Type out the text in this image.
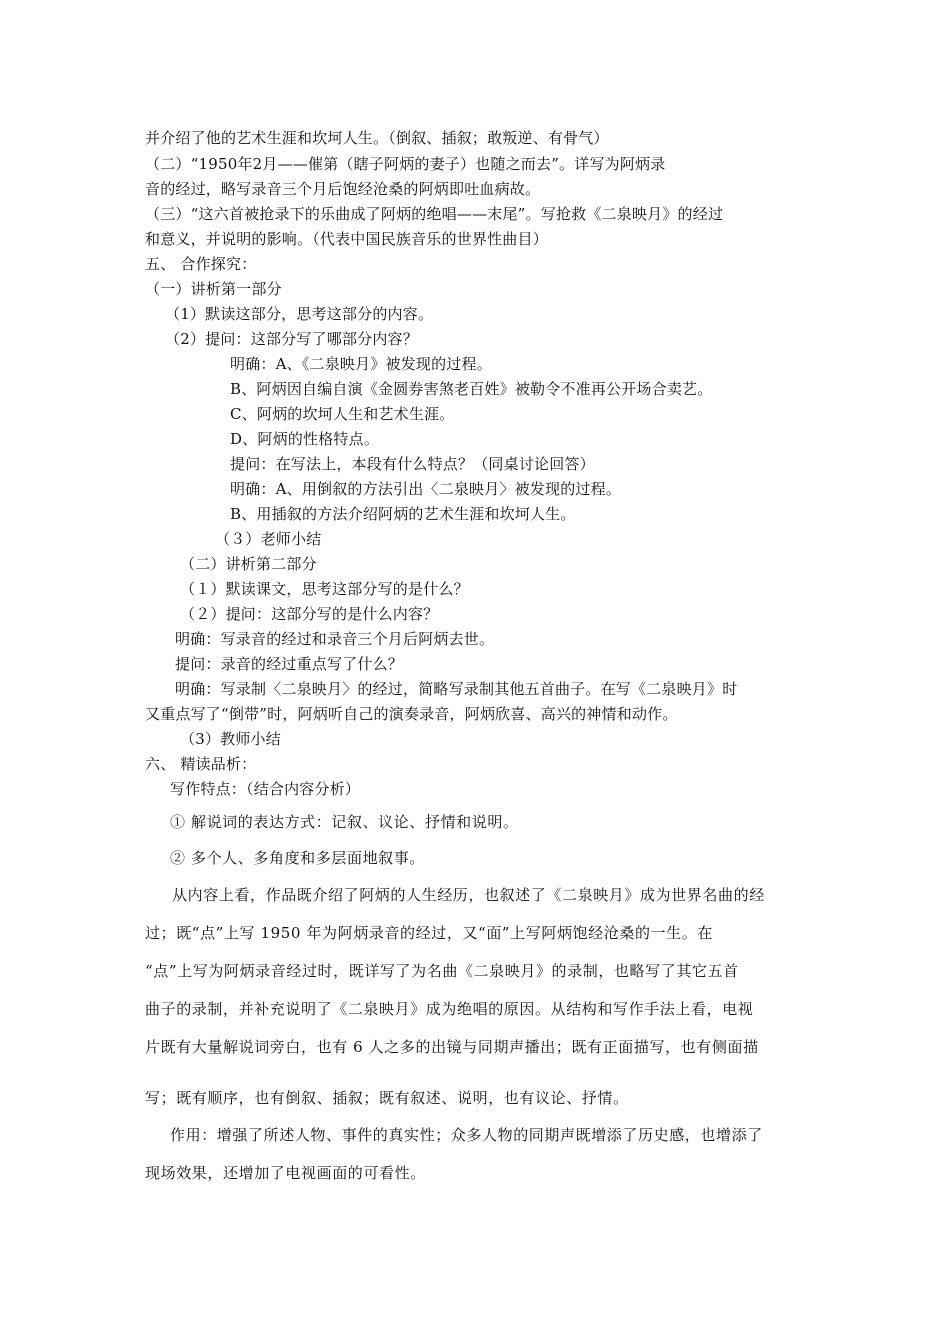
并介绍了他的艺术生涯和坎坷人生。（倒叙、插叙；敢叛逆、有骨气）
（二）“1950年2月——催第（瞎子阿炳的妻子）也随之而去”。详写为阿炳录
音的经过，略写录音三个月后饱经沧桑的阿炳即吐血病故。
（三）“这六首被抢录下的乐曲成了阿炳的绝唱——末尾”。写抢救《二泉映月》的经过
和意义，并说明的影响。（代表中国民族音乐的世界性曲目）
五、 合作探究：
（一）讲析第一部分
（1）默读这部分，思考这部分的内容。
（2）提问：这部分写了哪部分内容？
明确：A、《二泉映月》被发现的过程。
B、阿炳因自编自演《金圆券害煞老百姓》被勒令不准再公开场合卖艺。
C、阿炳的坎坷人生和艺术生涯。
D、阿炳的性格特点。
提问：在写法上，本段有什么特点？（同桌讨论回答）
明确：A、用倒叙的方法引出〈二泉映月〉被发现的过程。
B、用插叙的方法介绍阿炳的艺术生涯和坎坷人生。
（３）老师小结
（二）讲析第二部分
（１）默读课文，思考这部分写的是什么？
（２）提问：这部分写的是什么内容？
明确：写录音的经过和录音三个月后阿炳去世。
提问：录音的经过重点写了什么？
明确：写录制〈二泉映月〉的经过，简略写录制其他五首曲子。在写《二泉映月》时
又重点写了“倒带”时，阿炳听自己的演奏录音，阿炳欣喜、高兴的神情和动作。
（3）教师小结
六、 精读品析：
写作特点：（结合内容分析）
① 解说词的表达方式：记叙、议论、抒情和说明。
② 多个人、多角度和多层面地叙事。
从内容上看，作品既介绍了阿炳的人生经历，也叙述了《二泉映月》成为世界名曲的经
过；既“点”上写 1950 年为阿炳录音的经过，又“面”上写阿炳饱经沧桑的一生。在
“点”上写为阿炳录音经过时，既详写了为名曲《二泉映月》的录制，也略写了其它五首
曲子的录制，并补充说明了《二泉映月》成为绝唱的原因。从结构和写作手法上看，电视
片既有大量解说词旁白，也有 6 人之多的出镜与同期声播出；既有正面描写，也有侧面描
写；既有顺序，也有倒叙、插叙；既有叙述、说明，也有议论、抒情。
作用：增强了所述人物、事件的真实性；众多人物的同期声既增添了历史感，也增添了
现场效果，还增加了电视画面的可看性。
